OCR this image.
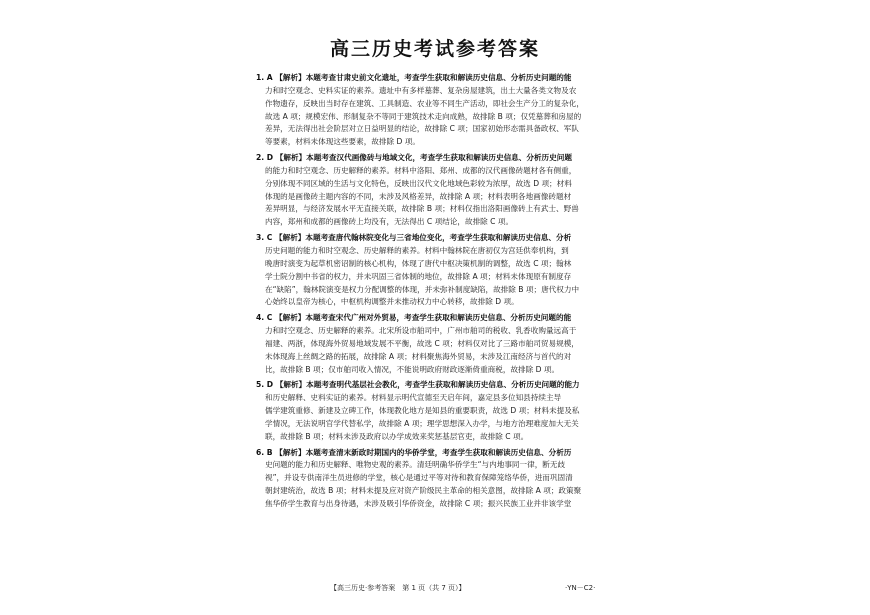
高三历史考试参考答案
1. A 【解析】本题考查甘肃史前文化遗址，考查学生获取和解读历史信息、分析历史问题的能
力和时空观念、史料实证的素养。遗址中有多样墓葬、复杂房屋建筑，出土大量各类文物及农
作物遗存，反映出当时存在建筑、工具制造、农业等不同生产活动，即社会生产分工的复杂化，
故选 A 项；规模宏伟、形制复杂不等同于建筑技术走向成熟，故排除 B 项；仅凭墓葬和房屋的
差异，无法得出社会阶层对立日益明显的结论，故排除 C 项；国家初始形态需具备政权、军队
等要素，材料未体现这些要素，故排除 D 项。
2. D 【解析】本题考查汉代画像砖与地域文化，考查学生获取和解读历史信息、分析历史问题
的能力和时空观念、历史解释的素养。材料中洛阳、郑州、成都的汉代画像砖题材各有侧重，
分别体现不同区域的生活与文化特色，反映出汉代文化地域色彩较为浓厚，故选 D 项；材料
体现的是画像砖主题内容的不同，未涉及风格差异，故排除 A 项；材料表明各地画像砖题材
差异明显，与经济发展水平无直接关联，故排除 B 项；材料仅指出洛阳画像砖上有武士、野兽
内容，郑州和成都的画像砖上均没有，无法得出 C 项结论，故排除 C 项。
3. C 【解析】本题考查唐代翰林院变化与三省地位变化，考查学生获取和解读历史信息、分析
历史问题的能力和时空观念、历史解释的素养。材料中翰林院在唐初仅为宫廷供奉机构，到
晚唐时演变为起草机密诏制的核心机构，体现了唐代中枢决策机制的调整，故选 C 项；翰林
学士院分割中书省的权力，并未巩固三省体制的地位，故排除 A 项；材料未体现原有制度存
在“缺陷”，翰林院演变是权力分配调整的体现，并未弥补制度缺陷，故排除 B 项；唐代权力中
心始终以皇帝为核心，中枢机构调整并未推动权力中心转移，故排除 D 项。
4. C 【解析】本题考查宋代广州对外贸易，考查学生获取和解读历史信息、分析历史问题的能
力和时空观念、历史解释的素养。北宋所设市舶司中，广州市舶司的税收、乳香收购量远高于
福建、两浙，体现海外贸易地域发展不平衡，故选 C 项；材料仅对比了三路市舶司贸易规模，
未体现海上丝绸之路的拓展，故排除 A 项；材料聚焦海外贸易，未涉及江南经济与首代的对
比，故排除 B 项；仅市舶司收入情况，不能说明政府财政逐渐倚重商税，故排除 D 项。
5. D 【解析】本题考查明代基层社会教化，考查学生获取和解读历史信息、分析历史问题的能力
和历史解释、史料实证的素养。材料显示明代宣德至天启年间，嘉定县多位知县持续主导
儒学建筑重修、新建及立碑工作，体现教化地方是知县的重要职责，故选 D 项；材料未提及私
学情况，无法说明官学代替私学，故排除 A 项；理学思想深入办学，与地方治理难度加大无关
联，故排除 B 项；材料未涉及政府以办学成效来奖惩基层官吏，故排除 C 项。
6. B 【解析】本题考查清末新政时期国内的华侨学堂，考查学生获取和解读历史信息、分析历
史问题的能力和历史解释、唯物史观的素养。清廷明确华侨学生“与内地事同一律，断无歧
视”，并设专供南洋生员进修的学堂，核心是通过平等对待和教育保障笼络华侨，进而巩固清
朝封建统治，故选 B 项；材料未提及应对资产阶级民主革命的相关意图，故排除 A 项；政策聚
焦华侨学生教育与出身待遇，未涉及吸引华侨资金，故排除 C 项；振兴民族工业并非该学堂
【高三历史·参考答案　第 1 页（共 7 页）】	·YN－C2·
